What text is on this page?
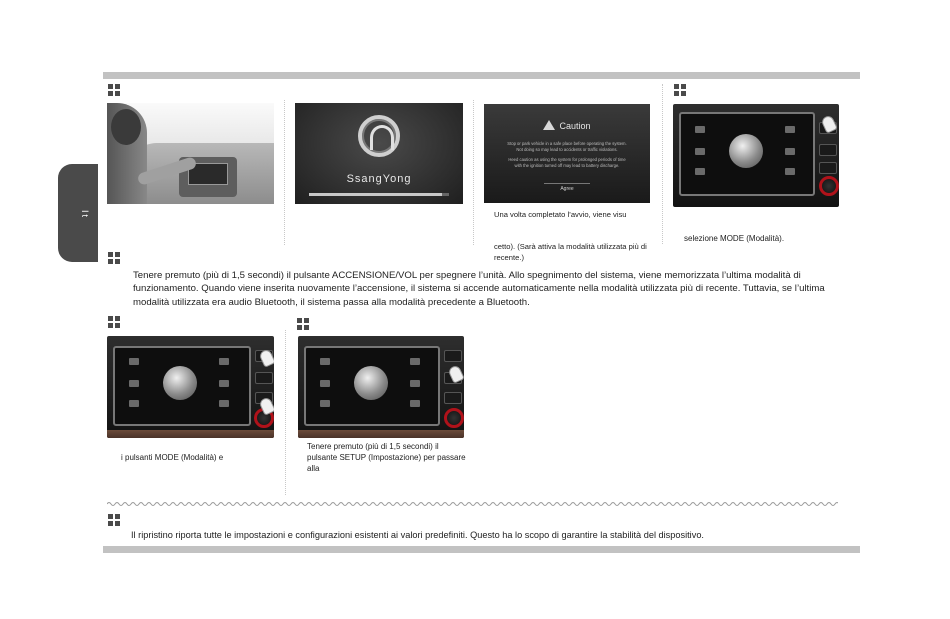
It
SsangYong
Caution
Stop or park vehicle in a safe place before operating the system.
Not doing so may lead to accidents or traffic violations.
Heed caution as using the system for prolonged periods of time
with the ignition turned off may lead to battery discharge.
Agree
Una volta completato l’avvio, viene visu
cetto). (Sarà attiva la modalità utilizzata più di recente.)
selezione MODE (Modalità).
Tenere premuto (più di 1,5 secondi) il pulsante ACCENSIONE/VOL per spegnere l’unità. Allo spegnimento del sistema, viene memorizzata l’ultima modalità di funzionamento. Quando viene inserita nuovamente l’accensione, il sistema si accende automaticamente nella modalità utilizzata più di recente. Tuttavia, se l’ultima modalità utilizzata era audio Bluetooth, il sistema passa alla modalità precedente a Bluetooth.
i pulsanti MODE (Modalità) e
Tenere premuto (più di 1,5 secondi) il pulsante SETUP (Impostazione) per passare alla
Il ripristino riporta tutte le impostazioni e configurazioni esistenti ai valori predefiniti. Questo ha lo scopo di garantire la stabilità del dispositivo.
